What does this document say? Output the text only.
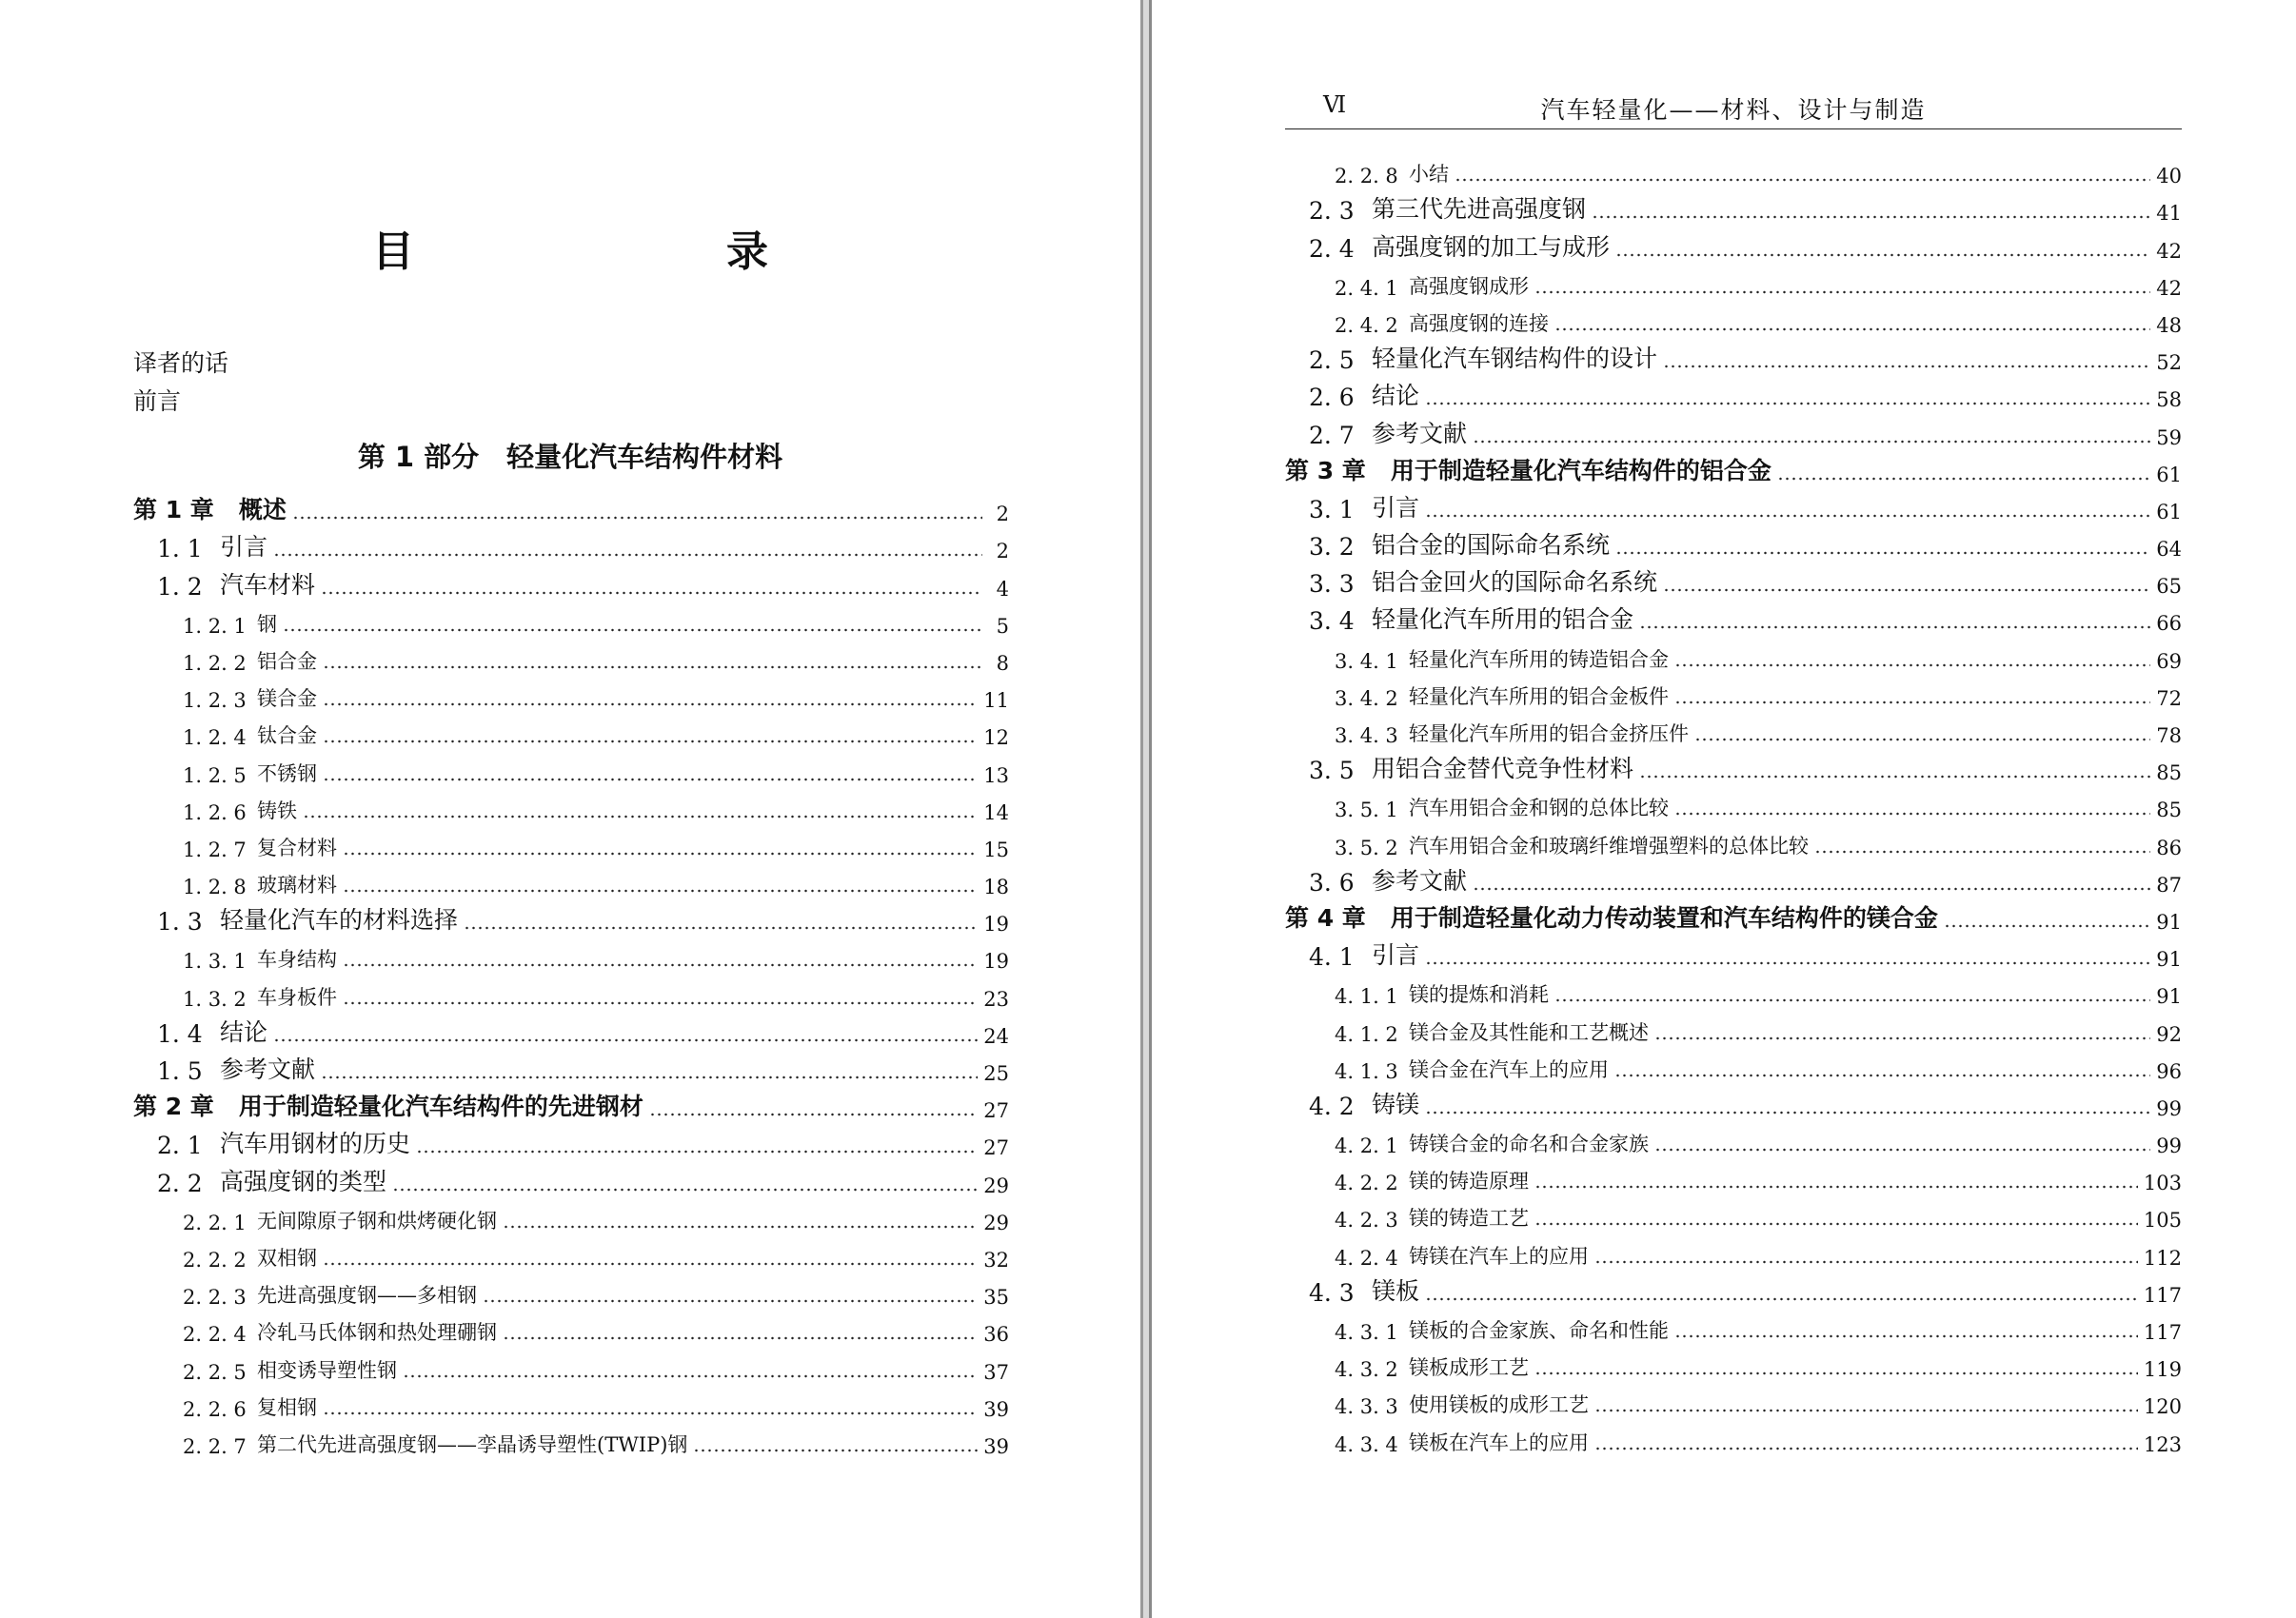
目　　录
译者的话
前言
第 1 部分　轻量化汽车结构件材料
第 1 章 概述	2
1. 1 引言	2
1. 2 汽车材料	4
1. 2. 1 钢	5
1. 2. 2 铝合金	8
1. 2. 3 镁合金	11
1. 2. 4 钛合金	12
1. 2. 5 不锈钢	13
1. 2. 6 铸铁	14
1. 2. 7 复合材料	15
1. 2. 8 玻璃材料	18
1. 3 轻量化汽车的材料选择	19
1. 3. 1 车身结构	19
1. 3. 2 车身板件	23
1. 4 结论	24
1. 5 参考文献	25
第 2 章 用于制造轻量化汽车结构件的先进钢材	27
2. 1 汽车用钢材的历史	27
2. 2 高强度钢的类型	29
2. 2. 1 无间隙原子钢和烘烤硬化钢	29
2. 2. 2 双相钢	32
2. 2. 3 先进高强度钢——多相钢	35
2. 2. 4 冷轧马氏体钢和热处理硼钢	36
2. 2. 5 相变诱导塑性钢	37
2. 2. 6 复相钢	39
2. 2. 7 第二代先进高强度钢——孪晶诱导塑性(TWIP)钢	39
Ⅵ	汽车轻量化——材料、设计与制造
2. 2. 8 小结	40
2. 3 第三代先进高强度钢	41
2. 4 高强度钢的加工与成形	42
2. 4. 1 高强度钢成形	42
2. 4. 2 高强度钢的连接	48
2. 5 轻量化汽车钢结构件的设计	52
2. 6 结论	58
2. 7 参考文献	59
第 3 章 用于制造轻量化汽车结构件的铝合金	61
3. 1 引言	61
3. 2 铝合金的国际命名系统	64
3. 3 铝合金回火的国际命名系统	65
3. 4 轻量化汽车所用的铝合金	66
3. 4. 1 轻量化汽车所用的铸造铝合金	69
3. 4. 2 轻量化汽车所用的铝合金板件	72
3. 4. 3 轻量化汽车所用的铝合金挤压件	78
3. 5 用铝合金替代竞争性材料	85
3. 5. 1 汽车用铝合金和钢的总体比较	85
3. 5. 2 汽车用铝合金和玻璃纤维增强塑料的总体比较	86
3. 6 参考文献	87
第 4 章 用于制造轻量化动力传动装置和汽车结构件的镁合金	91
4. 1 引言	91
4. 1. 1 镁的提炼和消耗	91
4. 1. 2 镁合金及其性能和工艺概述	92
4. 1. 3 镁合金在汽车上的应用	96
4. 2 铸镁	99
4. 2. 1 铸镁合金的命名和合金家族	99
4. 2. 2 镁的铸造原理	103
4. 2. 3 镁的铸造工艺	105
4. 2. 4 铸镁在汽车上的应用	112
4. 3 镁板	117
4. 3. 1 镁板的合金家族、命名和性能	117
4. 3. 2 镁板成形工艺	119
4. 3. 3 使用镁板的成形工艺	120
4. 3. 4 镁板在汽车上的应用	123
